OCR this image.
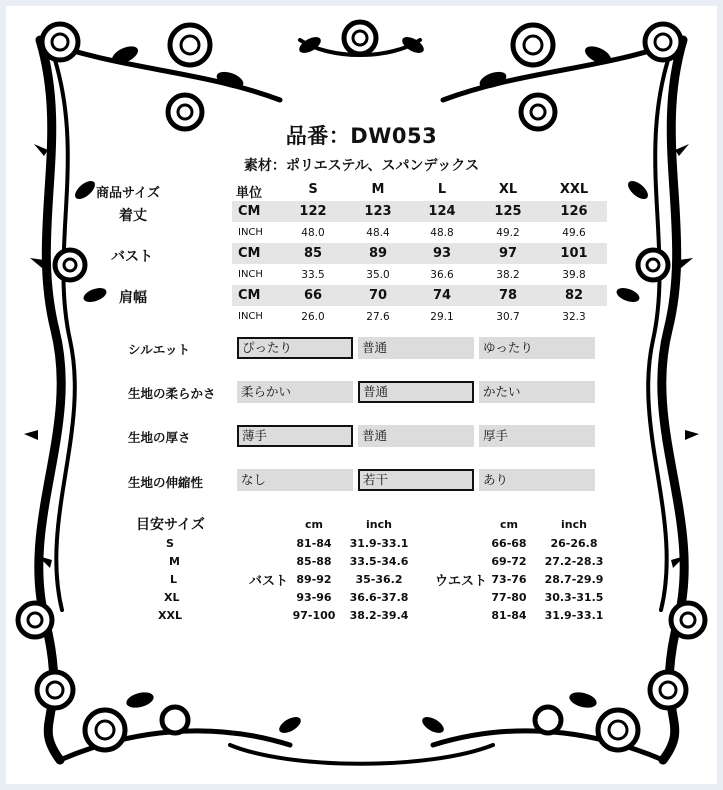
品番：DW053
素材：ポリエステル、スパンデックス
商品サイズ	単位	S	M	L	XL	XXL
着丈	CM	122	123	124	125	126
INCH	48.0	48.4	48.8	49.2	49.6
バスト	CM	85	89	93	97	101
INCH	33.5	35.0	36.6	38.2	39.8
肩幅	CM	66	70	74	78	82
INCH	26.0	27.6	29.1	30.7	32.3
シルエット	ぴったり	普通	ゆったり
生地の柔らかさ	柔らかい	普通	かたい
生地の厚さ	薄手	普通	厚手
生地の伸縮性	なし	若干	あり
目安サイズ	cm	inch	cm	inch
バスト	ウエスト
S	81-84	31.9-33.1	66-68	26-26.8
M	85-88	33.5-34.6	69-72	27.2-28.3
L	89-92	35-36.2	73-76	28.7-29.9
XL	93-96	36.6-37.8	77-80	30.3-31.5
XXL	97-100	38.2-39.4	81-84	31.9-33.1
